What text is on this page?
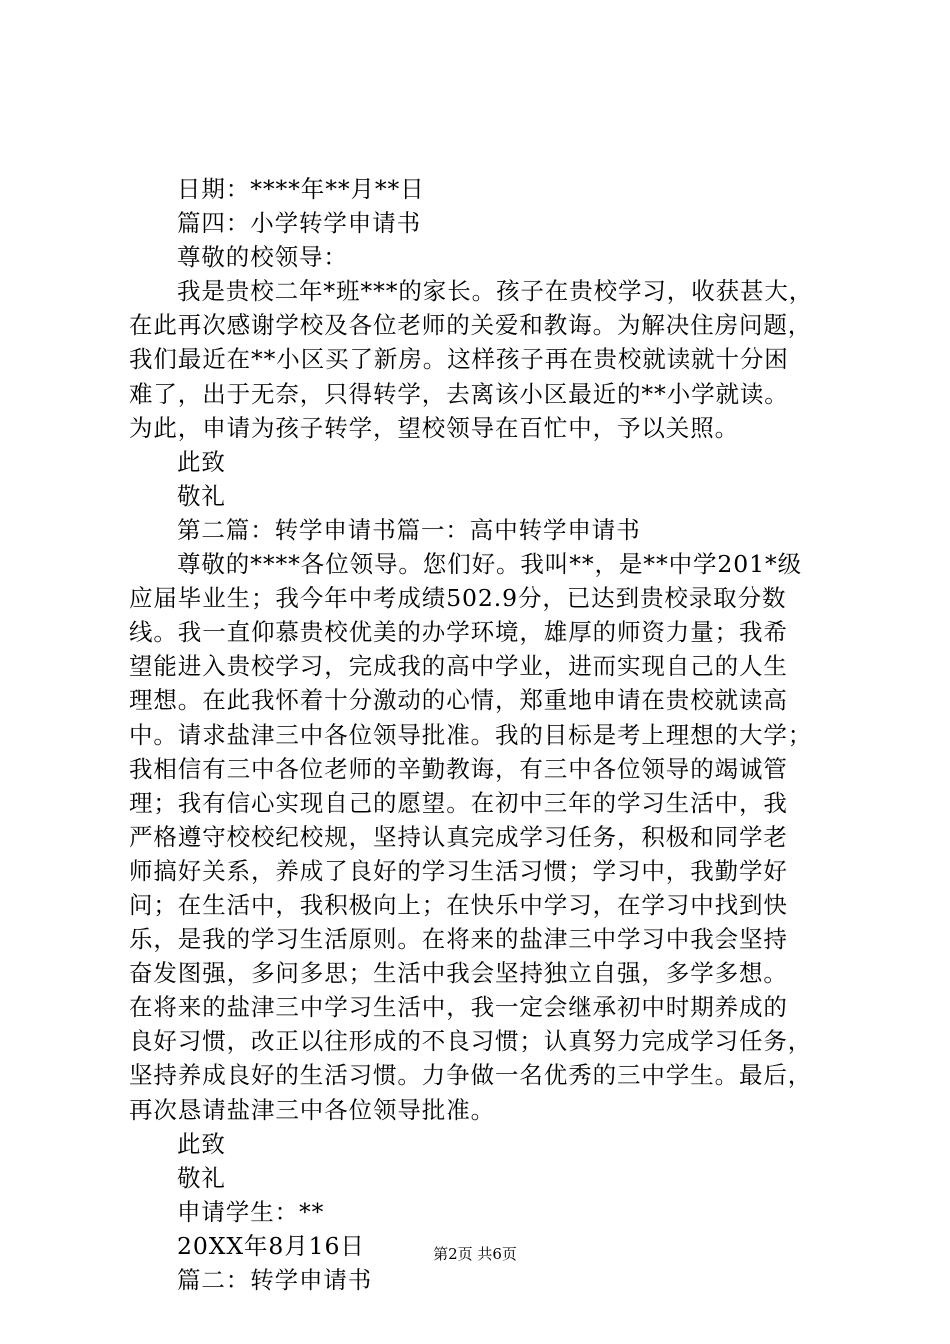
日期：****年**月**日
篇四：小学转学申请书
尊敬的校领导：
我是贵校二年*班***的家长。孩子在贵校学习，收获甚大，
在此再次感谢学校及各位老师的关爱和教诲。为解决住房问题，
我们最近在**小区买了新房。这样孩子再在贵校就读就十分困
难了，出于无奈，只得转学，去离该小区最近的**小学就读。
为此，申请为孩子转学，望校领导在百忙中，予以关照。
此致
敬礼
第二篇：转学申请书篇一：高中转学申请书
尊敬的****各位领导。您们好。我叫**，是**中学201*级
应届毕业生；我今年中考成绩502.9分，已达到贵校录取分数
线。我一直仰慕贵校优美的办学环境，雄厚的师资力量；我希
望能进入贵校学习，完成我的高中学业，进而实现自己的人生
理想。在此我怀着十分激动的心情，郑重地申请在贵校就读高
中。请求盐津三中各位领导批准。我的目标是考上理想的大学；
我相信有三中各位老师的辛勤教诲，有三中各位领导的竭诚管
理；我有信心实现自己的愿望。在初中三年的学习生活中，我
严格遵守校校纪校规，坚持认真完成学习任务，积极和同学老
师搞好关系，养成了良好的学习生活习惯；学习中，我勤学好
问；在生活中，我积极向上；在快乐中学习，在学习中找到快
乐，是我的学习生活原则。在将来的盐津三中学习中我会坚持
奋发图强，多问多思；生活中我会坚持独立自强，多学多想。
在将来的盐津三中学习生活中，我一定会继承初中时期养成的
良好习惯，改正以往形成的不良习惯；认真努力完成学习任务，
坚持养成良好的生活习惯。力争做一名优秀的三中学生。最后，
再次恳请盐津三中各位领导批准。
此致
敬礼
申请学生：**
20XX年8月16日
篇二：转学申请书
第2页 共6页
